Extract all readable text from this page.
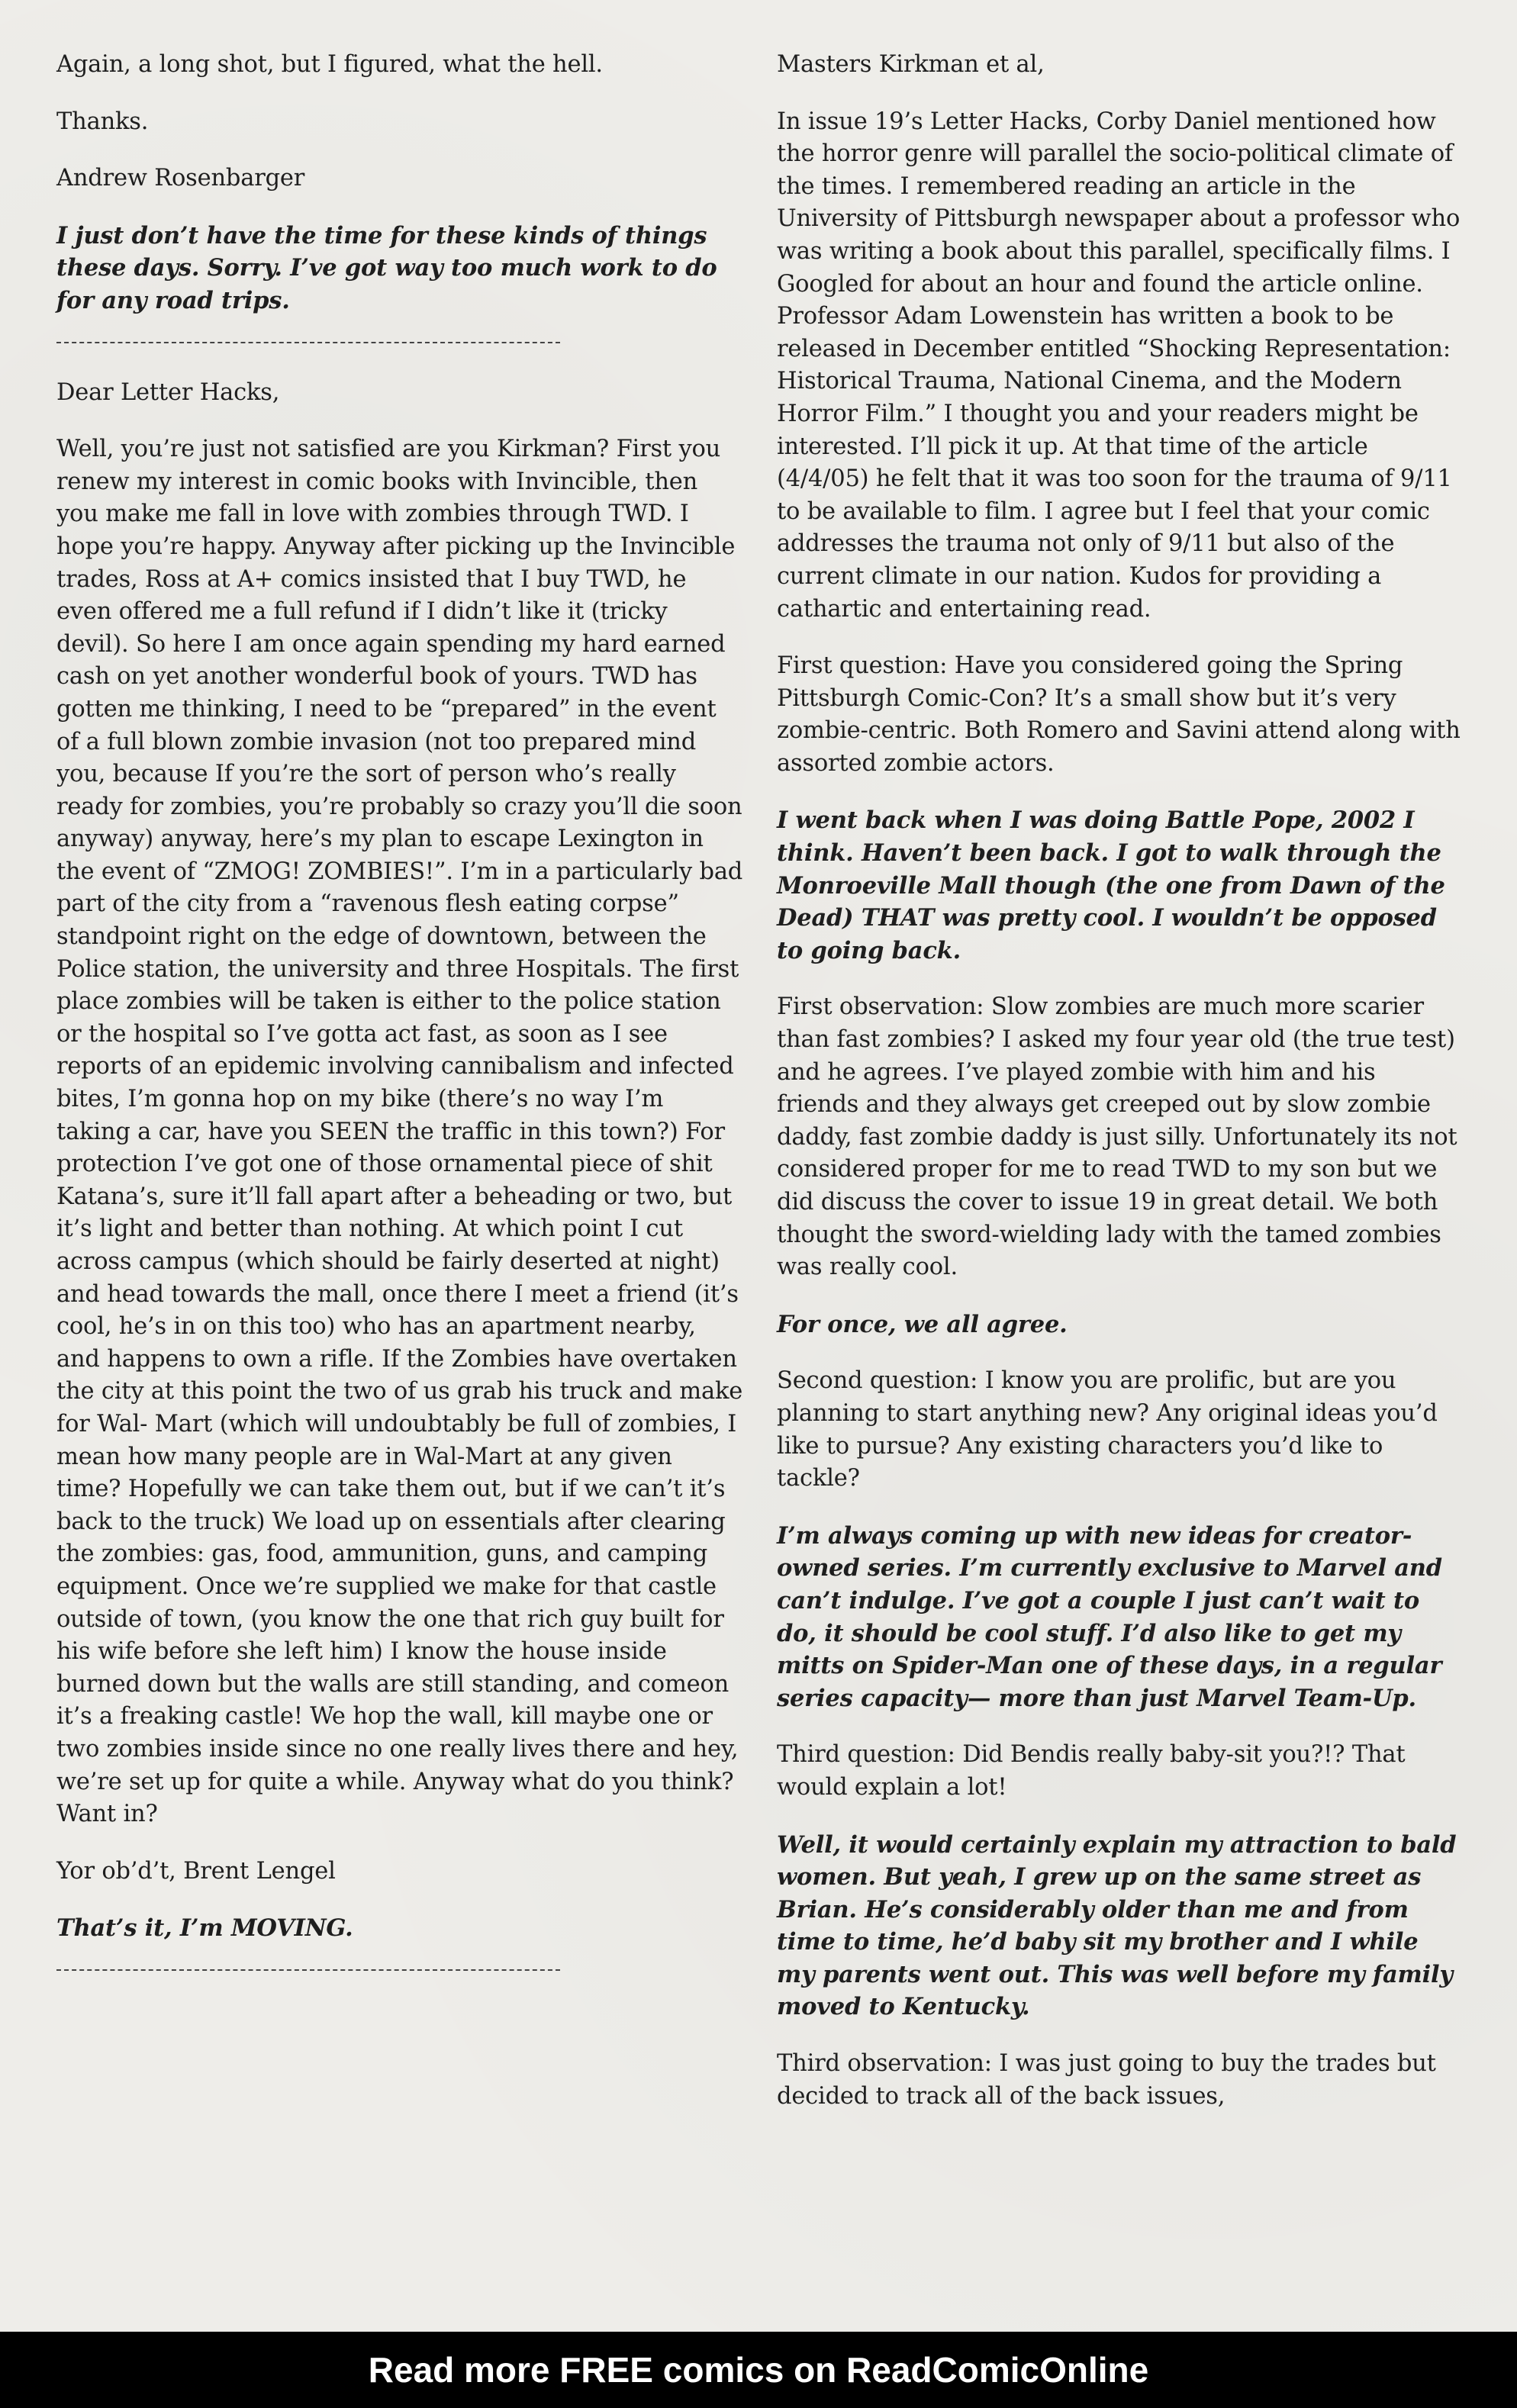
Again, a long shot, but I figured, what the hell.

Thanks.

Andrew Rosenbarger

I just don’t have the time for these kinds of things these days. Sorry. I’ve got way too much work to do for any road trips.

Dear Letter Hacks,

Well, you’re just not satisfied are you Kirkman? First you renew my interest in comic books with Invincible, then you make me fall in love with zombies through TWD. I hope you’re happy. Anyway after picking up the Invincible trades, Ross at A+ comics insisted that I buy TWD, he even offered me a full refund if I didn’t like it (tricky devil). So here I am once again spending my hard earned cash on yet another wonderful book of yours. TWD has gotten me thinking, I need to be “prepared” in the event of a full blown zombie invasion (not too prepared mind you, because If you’re the sort of person who’s really ready for zombies, you’re probably so crazy you’ll die soon anyway) anyway, here’s my plan to escape Lexington in the event of “ZMOG! ZOMBIES!”. I’m in a particularly bad part of the city from a “ravenous flesh eating corpse” standpoint right on the edge of downtown, between the Police station, the university and three Hospitals. The first place zombies will be taken is either to the police station or the hospital so I’ve gotta act fast, as soon as I see reports of an epidemic involving cannibalism and infected bites, I’m gonna hop on my bike (there’s no way I’m taking a car, have you SEEN the traffic in this town?) For protection I’ve got one of those ornamental piece of shit Katana’s, sure it’ll fall apart after a beheading or two, but it’s light and better than nothing. At which point I cut across campus (which should be fairly deserted at night) and head towards the mall, once there I meet a friend (it’s cool, he’s in on this too) who has an apartment nearby, and happens to own a rifle. If the Zombies have overtaken the city at this point the two of us grab his truck and make for Wal- Mart (which will undoubtably be full of zombies, I mean how many people are in Wal-Mart at any given time? Hopefully we can take them out, but if we can’t it’s back to the truck) We load up on essentials after clearing the zombies: gas, food, ammunition, guns, and camping equipment. Once we’re supplied we make for that castle outside of town, (you know the one that rich guy built for his wife before she left him) I know the house inside burned down but the walls are still standing, and comeon it’s a freaking castle! We hop the wall, kill maybe one or two zombies inside since no one really lives there and hey, we’re set up for quite a while. Anyway what do you think? Want in?

Yor ob’d’t, Brent Lengel

That’s it, I’m MOVING.

Masters Kirkman et al,

In issue 19’s Letter Hacks, Corby Daniel mentioned how the horror genre will parallel the socio-political climate of the times. I remembered reading an article in the University of Pittsburgh newspaper about a professor who was writing a book about this parallel, specifically films. I Googled for about an hour and found the article online. Professor Adam Lowenstein has written a book to be released in December entitled “Shocking Representation: Historical Trauma, National Cinema, and the Modern Horror Film.” I thought you and your readers might be interested. I’ll pick it up. At that time of the article (4/4/05) he felt that it was too soon for the trauma of 9/11 to be available to film. I agree but I feel that your comic addresses the trauma not only of 9/11 but also of the current climate in our nation. Kudos for providing a cathartic and entertaining read.

First question: Have you considered going the Spring Pittsburgh Comic-Con? It’s a small show but it’s very zombie-centric. Both Romero and Savini attend along with assorted zombie actors.

I went back when I was doing Battle Pope, 2002 I think. Haven’t been back. I got to walk through the Monroeville Mall though (the one from Dawn of the Dead) THAT was pretty cool. I wouldn’t be opposed to going back.

First observation: Slow zombies are much more scarier than fast zombies? I asked my four year old (the true test) and he agrees. I’ve played zombie with him and his friends and they always get creeped out by slow zombie daddy, fast zombie daddy is just silly. Unfortunately its not considered proper for me to read TWD to my son but we did discuss the cover to issue 19 in great detail. We both thought the sword-wielding lady with the tamed zombies was really cool.

For once, we all agree.

Second question: I know you are prolific, but are you planning to start anything new? Any original ideas you’d like to pursue? Any existing characters you’d like to tackle?

I’m always coming up with new ideas for creator-owned series. I’m currently exclusive to Marvel and can’t indulge. I’ve got a couple I just can’t wait to do, it should be cool stuff. I’d also like to get my mitts on Spider-Man one of these days, in a regular series capacity— more than just Marvel Team-Up.

Third question: Did Bendis really baby-sit you?!? That would explain a lot!

Well, it would certainly explain my attraction to bald women. But yeah, I grew up on the same street as Brian. He’s considerably older than me and from time to time, he’d baby sit my brother and I while my parents went out. This was well before my family moved to Kentucky.

Third observation: I was just going to buy the trades but decided to track all of the back issues,

Read more FREE comics on ReadComicOnline
